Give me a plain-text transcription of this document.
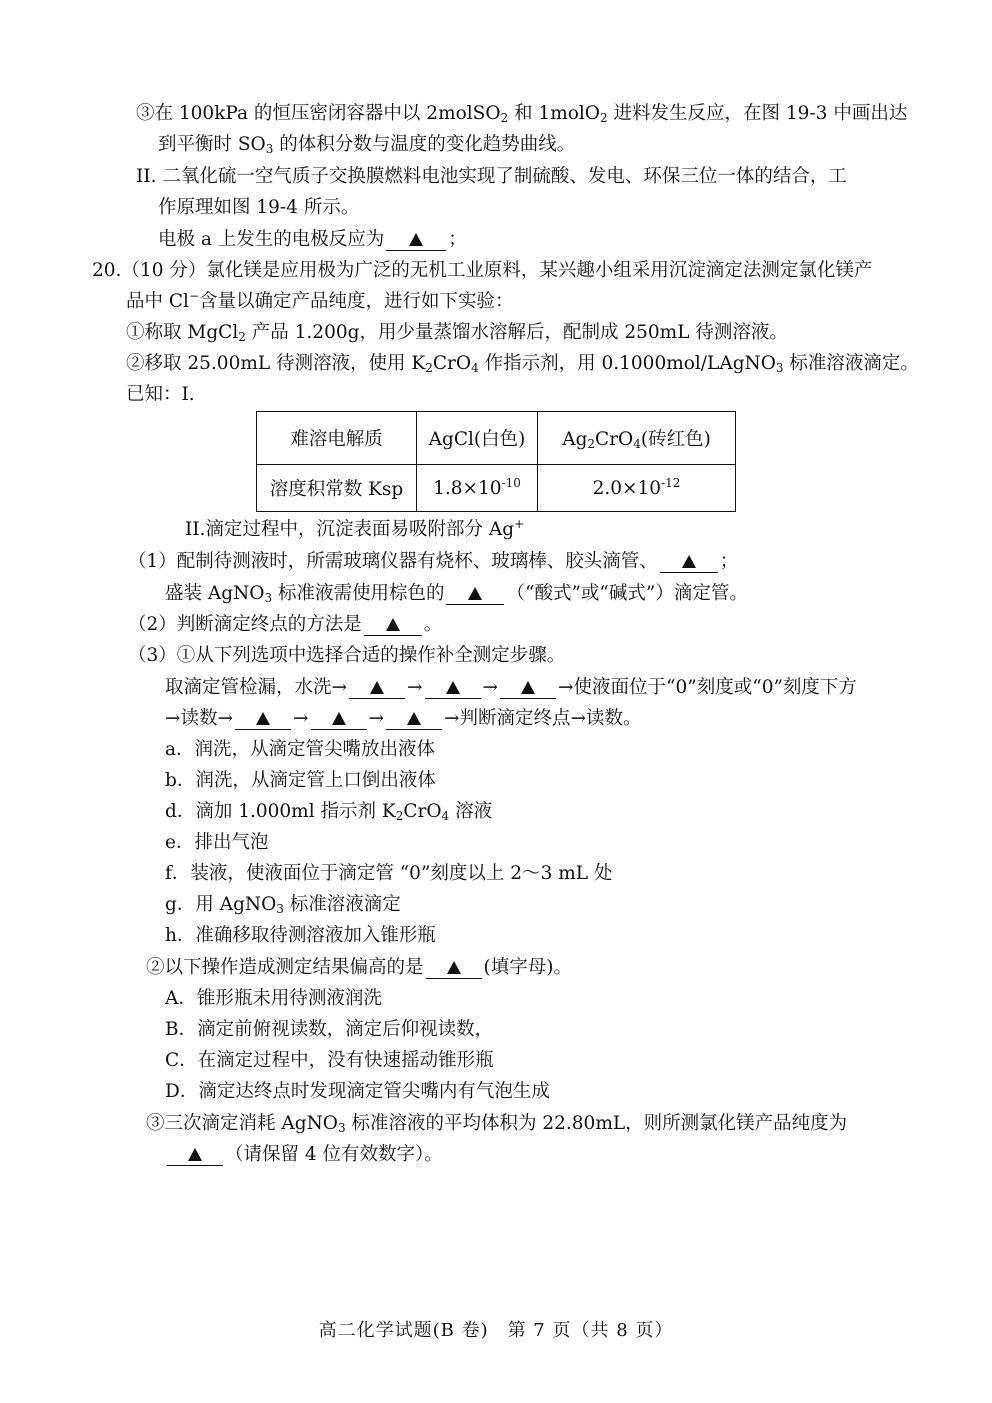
③在 100kPa 的恒压密闭容器中以 2molSO$_2$ 和 1molO$_2$ 进料发生反应，在图 19-3 中画出达
到平衡时 $SO_3$ 的体积分数与温度的变化趋势曲线。
II. 二氧化硫一空气质子交换膜燃料电池实现了制硫酸、发电、环保三位一体的结合，工
作原理如图 19-4 所示。
电极 a 上发生的电极反应为	；
20.（10 分）氯化镁是应用极为广泛的无机工业原料，某兴趣小组采用沉淀滴定法测定氯化镁产
品中 Cl−含量以确定产品纯度，进行如下实验：
①称取 MgCl$_2$ 产品 1.200g，用少量蒸馏水溶解后，配制成 250mL 待测溶液。
②移取 25.00mL 待测溶液，使用 $K_2CrO_4$ 作指示剂，用 0.1000mol/LAgNO$_3$ 标准溶液滴定。
已知：I.
难溶电解质	AgCl(白色)	$Ag_2CrO_4$(砖红色)
溶度积常数 Ksp	$1.8\times 10^{-10}$	$2.0\times 10^{-12}$
II.滴定过程中，沉淀表面易吸附部分 Ag+
（1）配制待测液时，所需玻璃仪器有烧杯、玻璃棒、胶头滴管、	；
盛装 AgNO$_3$ 标准液需使用棕色的	（“酸式”或“碱式”）滴定管。
（2）判断滴定终点的方法是	。
（3）①从下列选项中选择合适的操作补全测定步骤。
取滴定管检漏，水洗→	→	→	→使液面位于“0”刻度或“0”刻度下方
→读数→	→	→	→判断滴定终点→读数。
a．润洗，从滴定管尖嘴放出液体
b．润洗，从滴定管上口倒出液体
d．滴加 1.000ml 指示剂 $K_2CrO_4$ 溶液
e．排出气泡
f．装液，使液面位于滴定管 “0”刻度以上 2～3 mL 处
g．用 AgNO$_3$ 标准溶液滴定
h．准确移取待测溶液加入锥形瓶
②以下操作造成测定结果偏高的是	(填字母)。
A．锥形瓶未用待测液润洗
B．滴定前俯视读数，滴定后仰视读数，
C．在滴定过程中，没有快速摇动锥形瓶
D．滴定达终点时发现滴定管尖嘴内有气泡生成
③三次滴定消耗 AgNO$_3$ 标准溶液的平均体积为 22.80mL，则所测氯化镁产品纯度为
（请保留 4 位有效数字）。
高二化学试题(B 卷)　第 7 页（共 8 页）
